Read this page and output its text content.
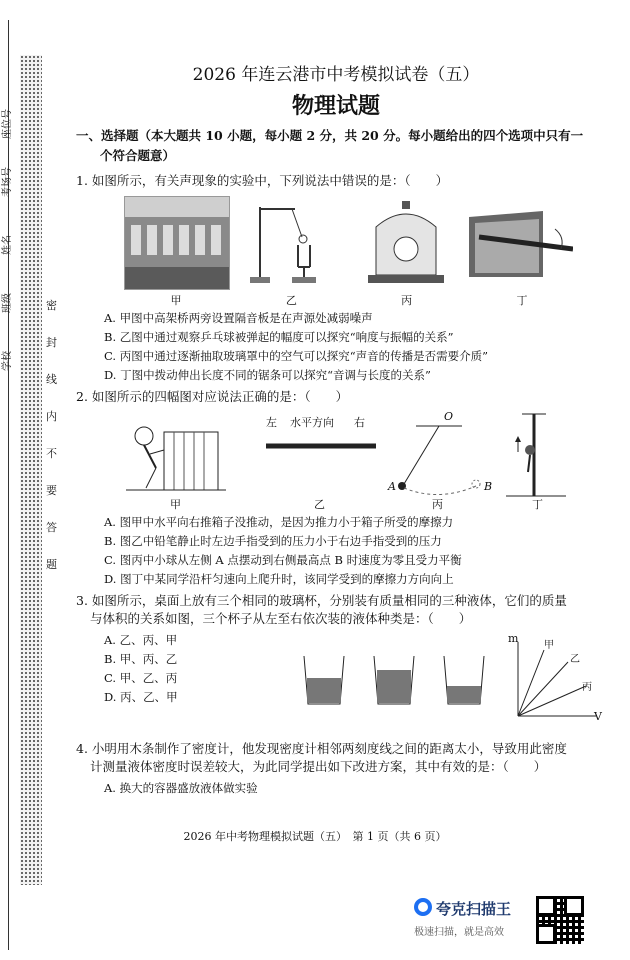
座位号
考场号
姓名
班级
学校
密
封
线
内
不
要
答
题
2026 年连云港市中考模拟试卷（五）
物理试题
一、选择题（本大题共 10 小题，每小题 2 分，共 20 分。每小题给出的四个选项中只有一
个符合题意）
1. 如图所示，有关声现象的实验中，下列说法中错误的是：（　　）
甲	乙	丙	丁
A. 甲图中高架桥两旁设置隔音板是在声源处减弱噪声
B. 乙图中通过观察乒乓球被弹起的幅度可以探究“响度与振幅的关系”
C. 丙图中通过逐渐抽取玻璃罩中的空气可以探究“声音的传播是否需要介质”
D. 丁图中拨动伸出长度不同的锯条可以探究“音调与长度的关系”
2. 如图所示的四幅图对应说法正确的是：（　　）
左 水平方向 右	O
A	B
甲	乙	丙	丁
A. 图甲中水平向右推箱子没推动，是因为推力小于箱子所受的摩擦力
B. 图乙中铅笔静止时左边手指受到的压力小于右边手指受到的压力
C. 图丙中小球从左侧 A 点摆动到右侧最高点 B 时速度为零且受力平衡
D. 图丁中某同学沿杆匀速向上爬升时，该同学受到的摩擦力方向向上
3. 如图所示，桌面上放有三个相同的玻璃杯，分别装有质量相同的三种液体，它们的质量
与体积的关系如图，三个杯子从左至右依次装的液体种类是：（　　）
A. 乙、丙、甲
B. 甲、丙、乙
C. 甲、乙、丙
D. 丙、乙、甲
m
V
甲
乙
丙
4. 小明用木条制作了密度计，他发现密度计相邻两刻度线之间的距离太小，导致用此密度
计测量液体密度时误差较大，为此同学提出如下改进方案，其中有效的是：（　　）
A. 换大的容器盛放液体做实验
2026 年中考物理模拟试题（五）　第 1 页（共 6 页）
夸克扫描王
极速扫描，就是高效
